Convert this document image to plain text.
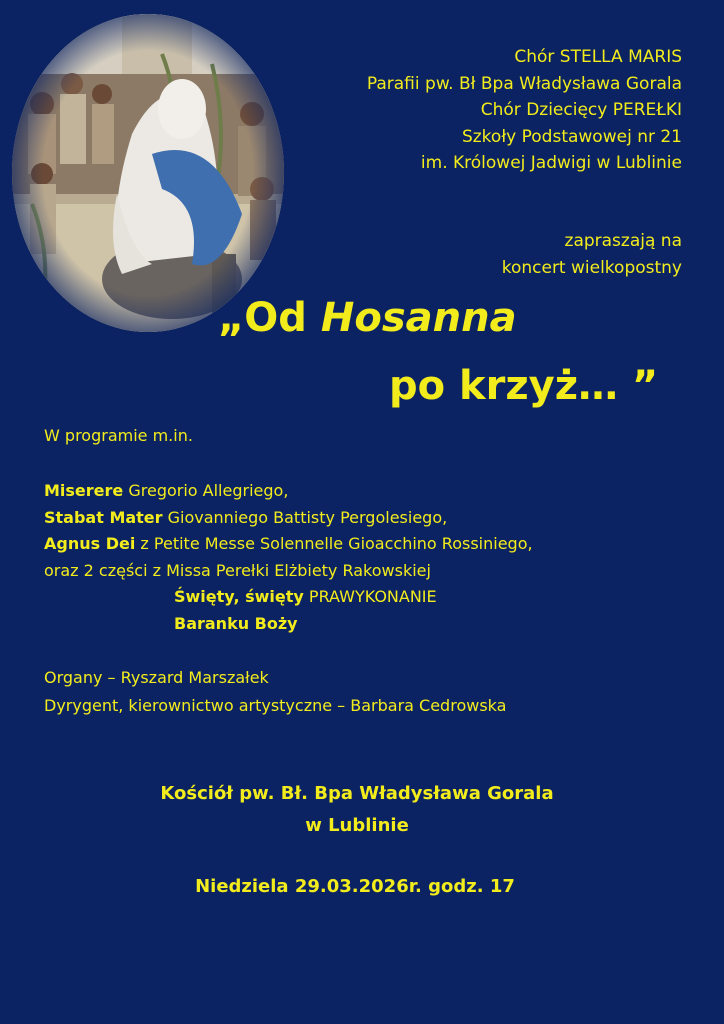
Chór STELLA MARIS
Parafii pw. Bł Bpa Władysława Gorala
Chór Dziecięcy PEREŁKI
Szkoły Podstawowej nr 21
im. Królowej Jadwigi w Lublinie
zapraszają na
koncert wielkopostny
„Od Hosanna
po krzyż… ”
W programie m.in.
Miserere Gregorio Allegriego,
Stabat Mater Giovanniego Battisty Pergolesiego,
Agnus Dei z Petite Messe Solennelle Gioacchino Rossiniego,
oraz 2 części z Missa Perełki Elżbiety Rakowskiej
Święty, święty PRAWYKONANIE
Baranku Boży
Organy – Ryszard Marszałek
Dyrygent, kierownictwo artystyczne – Barbara Cedrowska
Kościół pw. Bł. Bpa Władysława Gorala
w Lublinie
Niedziela 29.03.2026r. godz. 17
